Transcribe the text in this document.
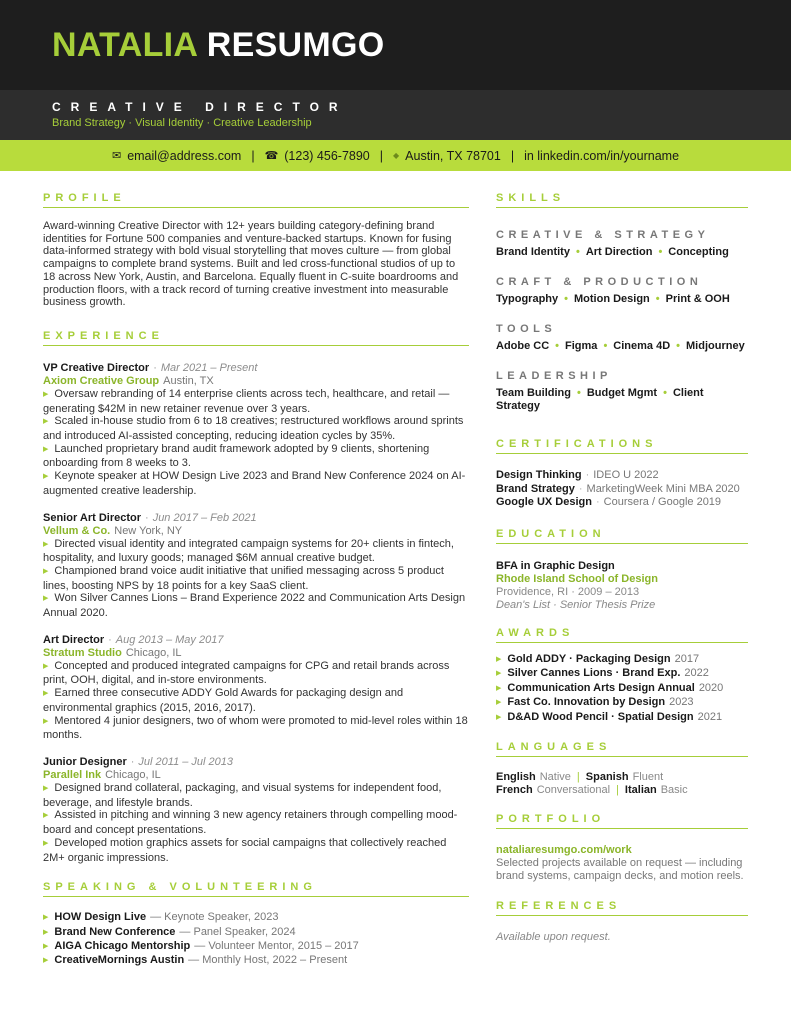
NATALIA RESUMGO
CREATIVE DIRECTOR
Brand Strategy · Visual Identity · Creative Leadership
✉ email@address.com | ☎ (123) 456-7890 | ◆ Austin, TX 78701 | in linkedin.com/in/yourname
PROFILE
Award-winning Creative Director with 12+ years building category-defining brand identities for Fortune 500 companies and venture-backed startups. Known for fusing data-informed strategy with bold visual storytelling that moves culture — from global campaigns to complete brand systems. Built and led cross-functional studios of up to 18 across New York, Austin, and Barcelona. Equally fluent in C-suite boardrooms and production floors, with a track record of turning creative investment into measurable business growth.
EXPERIENCE
VP Creative Director · Mar 2021 – Present
Axiom Creative Group Austin, TX
▶ Oversaw rebranding of 14 enterprise clients across tech, healthcare, and retail — generating $42M in new retainer revenue over 3 years.
▶ Scaled in-house studio from 6 to 18 creatives; restructured workflows around sprints and introduced AI-assisted concepting, reducing ideation cycles by 35%.
▶ Launched proprietary brand audit framework adopted by 9 clients, shortening onboarding from 8 weeks to 3.
▶ Keynote speaker at HOW Design Live 2023 and Brand New Conference 2024 on AI-augmented creative leadership.
Senior Art Director · Jun 2017 – Feb 2021
Vellum & Co. New York, NY
▶ Directed visual identity and integrated campaign systems for 20+ clients in fintech, hospitality, and luxury goods; managed $6M annual creative budget.
▶ Championed brand voice audit initiative that unified messaging across 5 product lines, boosting NPS by 18 points for a key SaaS client.
▶ Won Silver Cannes Lions – Brand Experience 2022 and Communication Arts Design Annual 2020.
Art Director · Aug 2013 – May 2017
Stratum Studio Chicago, IL
▶ Concepted and produced integrated campaigns for CPG and retail brands across print, OOH, digital, and in-store environments.
▶ Earned three consecutive ADDY Gold Awards for packaging design and environmental graphics (2015, 2016, 2017).
▶ Mentored 4 junior designers, two of whom were promoted to mid-level roles within 18 months.
Junior Designer · Jul 2011 – Jul 2013
Parallel Ink Chicago, IL
▶ Designed brand collateral, packaging, and visual systems for independent food, beverage, and lifestyle brands.
▶ Assisted in pitching and winning 3 new agency retainers through compelling mood-board and concept presentations.
▶ Developed motion graphics assets for social campaigns that collectively reached 2M+ organic impressions.
SPEAKING & VOLUNTEERING
▶ HOW Design Live — Keynote Speaker, 2023
▶ Brand New Conference — Panel Speaker, 2024
▶ AIGA Chicago Mentorship — Volunteer Mentor, 2015 – 2017
▶ CreativeMornings Austin — Monthly Host, 2022 – Present
SKILLS
CREATIVE & STRATEGY
Brand Identity • Art Direction • Concepting
CRAFT & PRODUCTION
Typography • Motion Design • Print & OOH
TOOLS
Adobe CC • Figma • Cinema 4D • Midjourney
LEADERSHIP
Team Building • Budget Mgmt • Client Strategy
CERTIFICATIONS
Design Thinking · IDEO U 2022
Brand Strategy · MarketingWeek Mini MBA 2020
Google UX Design · Coursera / Google 2019
EDUCATION
BFA in Graphic Design
Rhode Island School of Design
Providence, RI · 2009 – 2013
Dean's List · Senior Thesis Prize
AWARDS
▶ Gold ADDY · Packaging Design 2017
▶ Silver Cannes Lions · Brand Exp. 2022
▶ Communication Arts Design Annual 2020
▶ Fast Co. Innovation by Design 2023
▶ D&AD Wood Pencil · Spatial Design 2021
LANGUAGES
English Native | Spanish Fluent
French Conversational | Italian Basic
PORTFOLIO
nataliaresumgo.com/work
Selected projects available on request — including brand systems, campaign decks, and motion reels.
REFERENCES
Available upon request.
